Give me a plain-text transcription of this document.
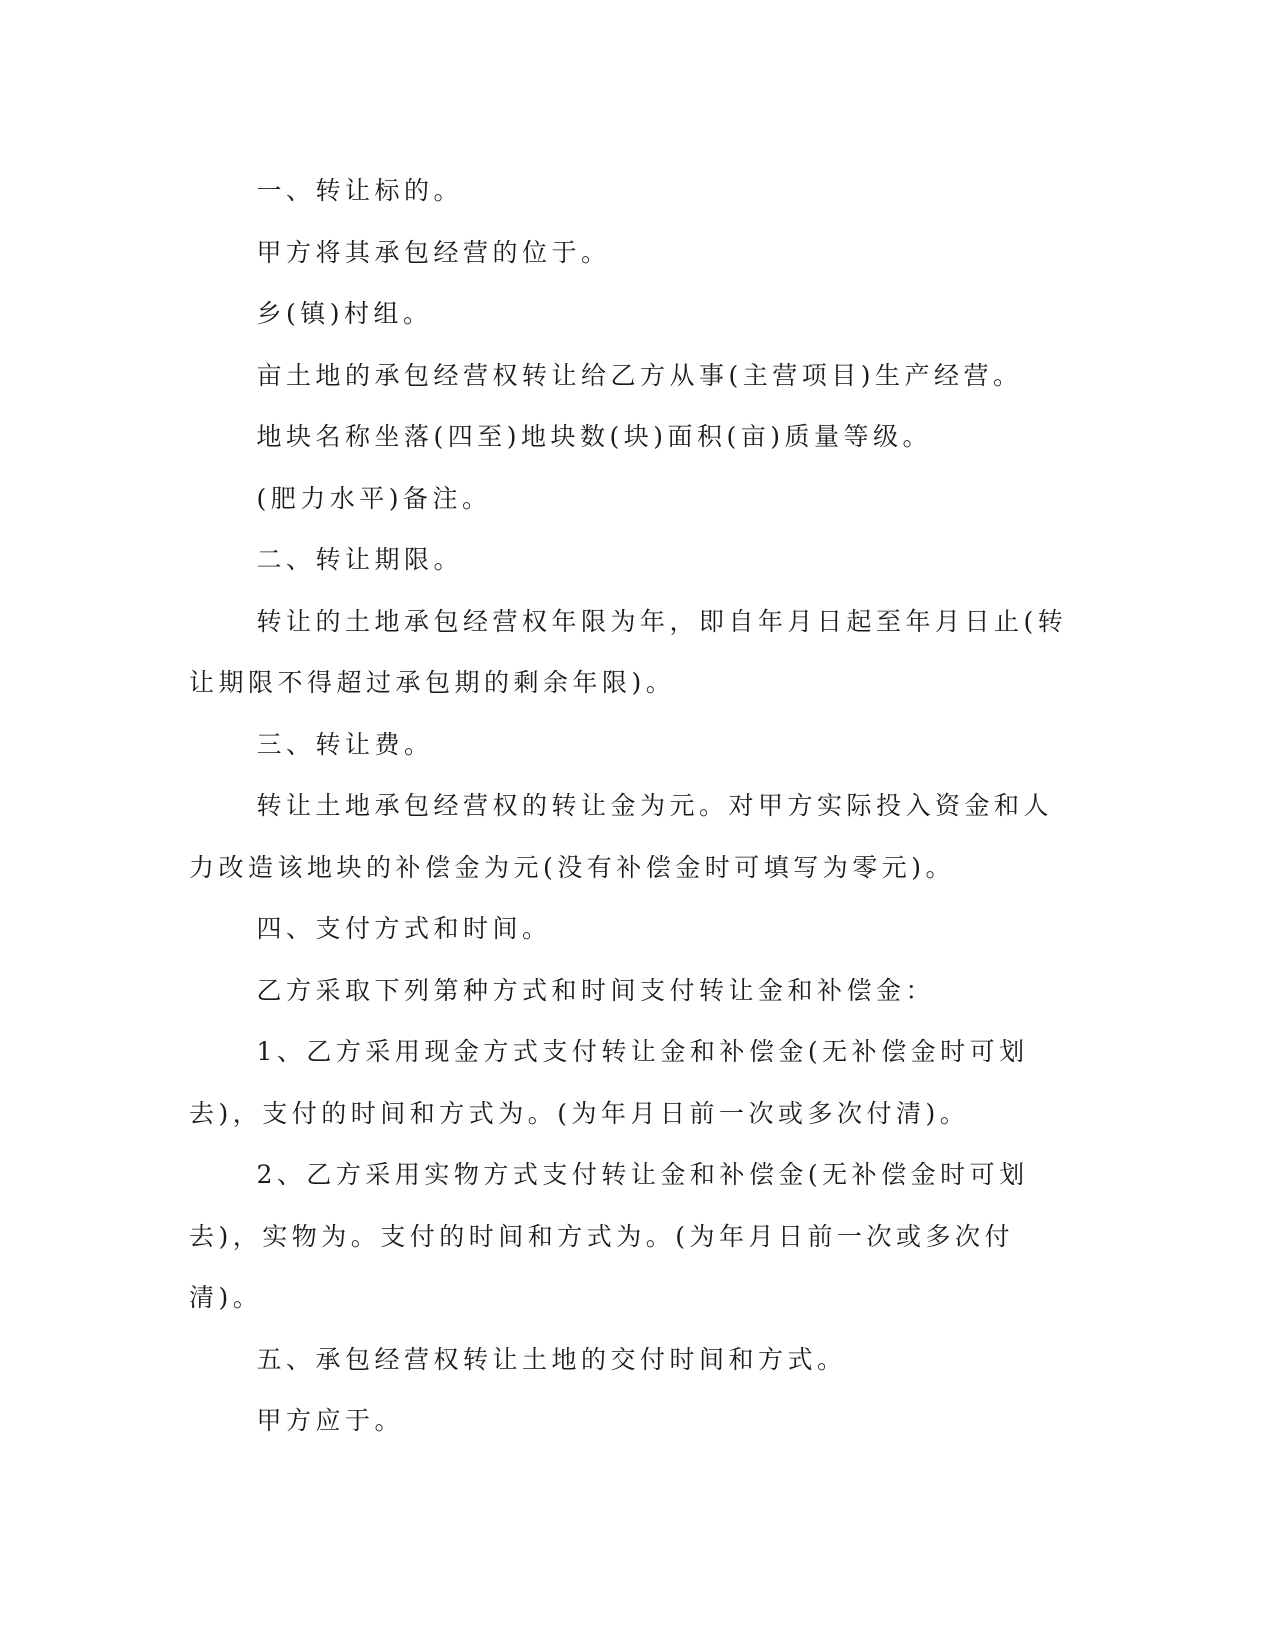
一、转让标的。

甲方将其承包经营的位于。

乡(镇)村组。

亩土地的承包经营权转让给乙方从事(主营项目)生产经营。

地块名称坐落(四至)地块数(块)面积(亩)质量等级。

(肥力水平)备注。

二、转让期限。

转让的土地承包经营权年限为年，即自年月日起至年月日止(转让期限不得超过承包期的剩余年限)。

三、转让费。

转让土地承包经营权的转让金为元。对甲方实际投入资金和人力改造该地块的补偿金为元(没有补偿金时可填写为零元)。

四、支付方式和时间。

乙方采取下列第种方式和时间支付转让金和补偿金：

1、乙方采用现金方式支付转让金和补偿金(无补偿金时可划去)，支付的时间和方式为。(为年月日前一次或多次付清)。

2、乙方采用实物方式支付转让金和补偿金(无补偿金时可划去)，实物为。支付的时间和方式为。(为年月日前一次或多次付清)。

五、承包经营权转让土地的交付时间和方式。

甲方应于。
